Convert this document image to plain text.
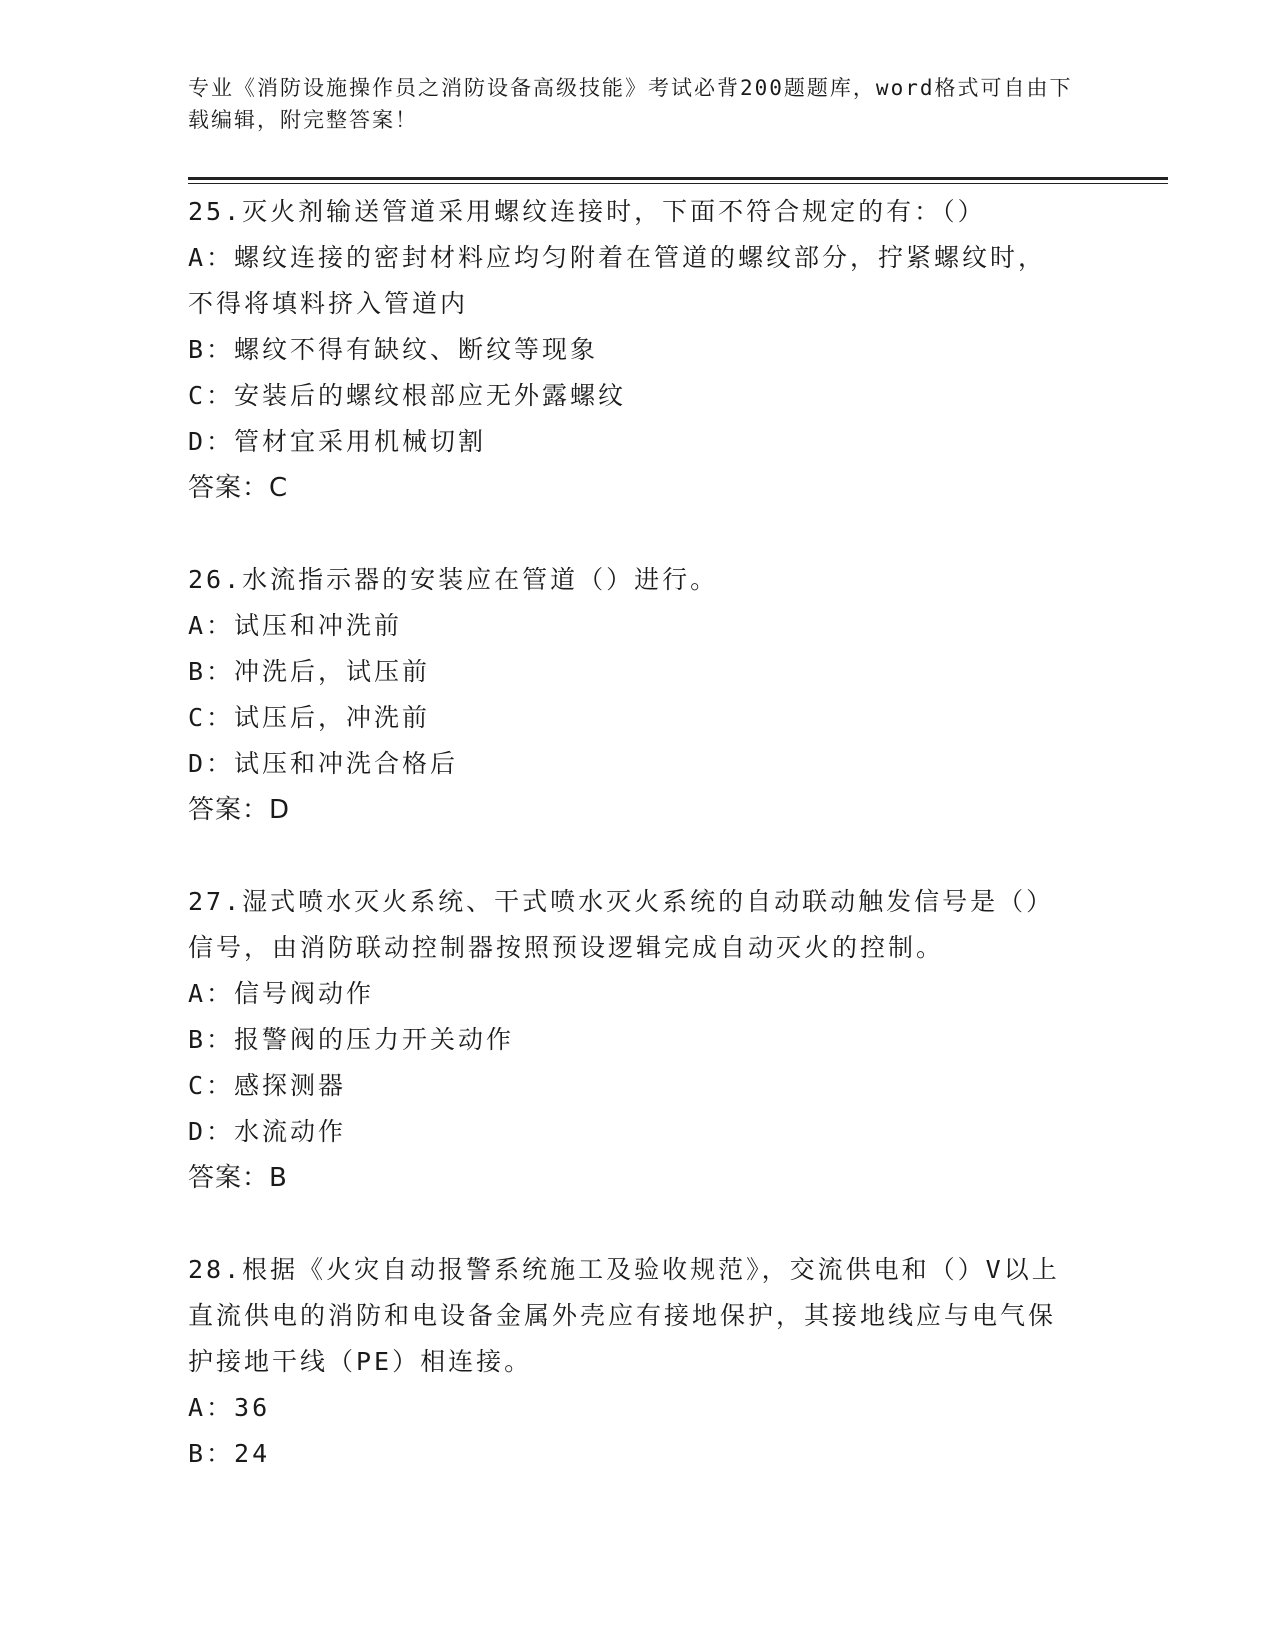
专业《消防设施操作员之消防设备高级技能》考试必背200题题库，word格式可自由下载编辑，附完整答案！
25.灭火剂输送管道采用螺纹连接时，下面不符合规定的有：（）
A：螺纹连接的密封材料应均匀附着在管道的螺纹部分，拧紧螺纹时，不得将填料挤入管道内
B：螺纹不得有缺纹、断纹等现象
C：安装后的螺纹根部应无外露螺纹
D：管材宜采用机械切割
答案：C
26.水流指示器的安装应在管道（）进行。
A：试压和冲洗前
B：冲洗后，试压前
C：试压后，冲洗前
D：试压和冲洗合格后
答案：D
27.湿式喷水灭火系统、干式喷水灭火系统的自动联动触发信号是（）信号，由消防联动控制器按照预设逻辑完成自动灭火的控制。
A：信号阀动作
B：报警阀的压力开关动作
C：感探测器
D：水流动作
答案：B
28.根据《火灾自动报警系统施工及验收规范》，交流供电和（）V以上直流供电的消防和电设备金属外壳应有接地保护，其接地线应与电气保护接地干线（PE）相连接。
A：36
B：24
